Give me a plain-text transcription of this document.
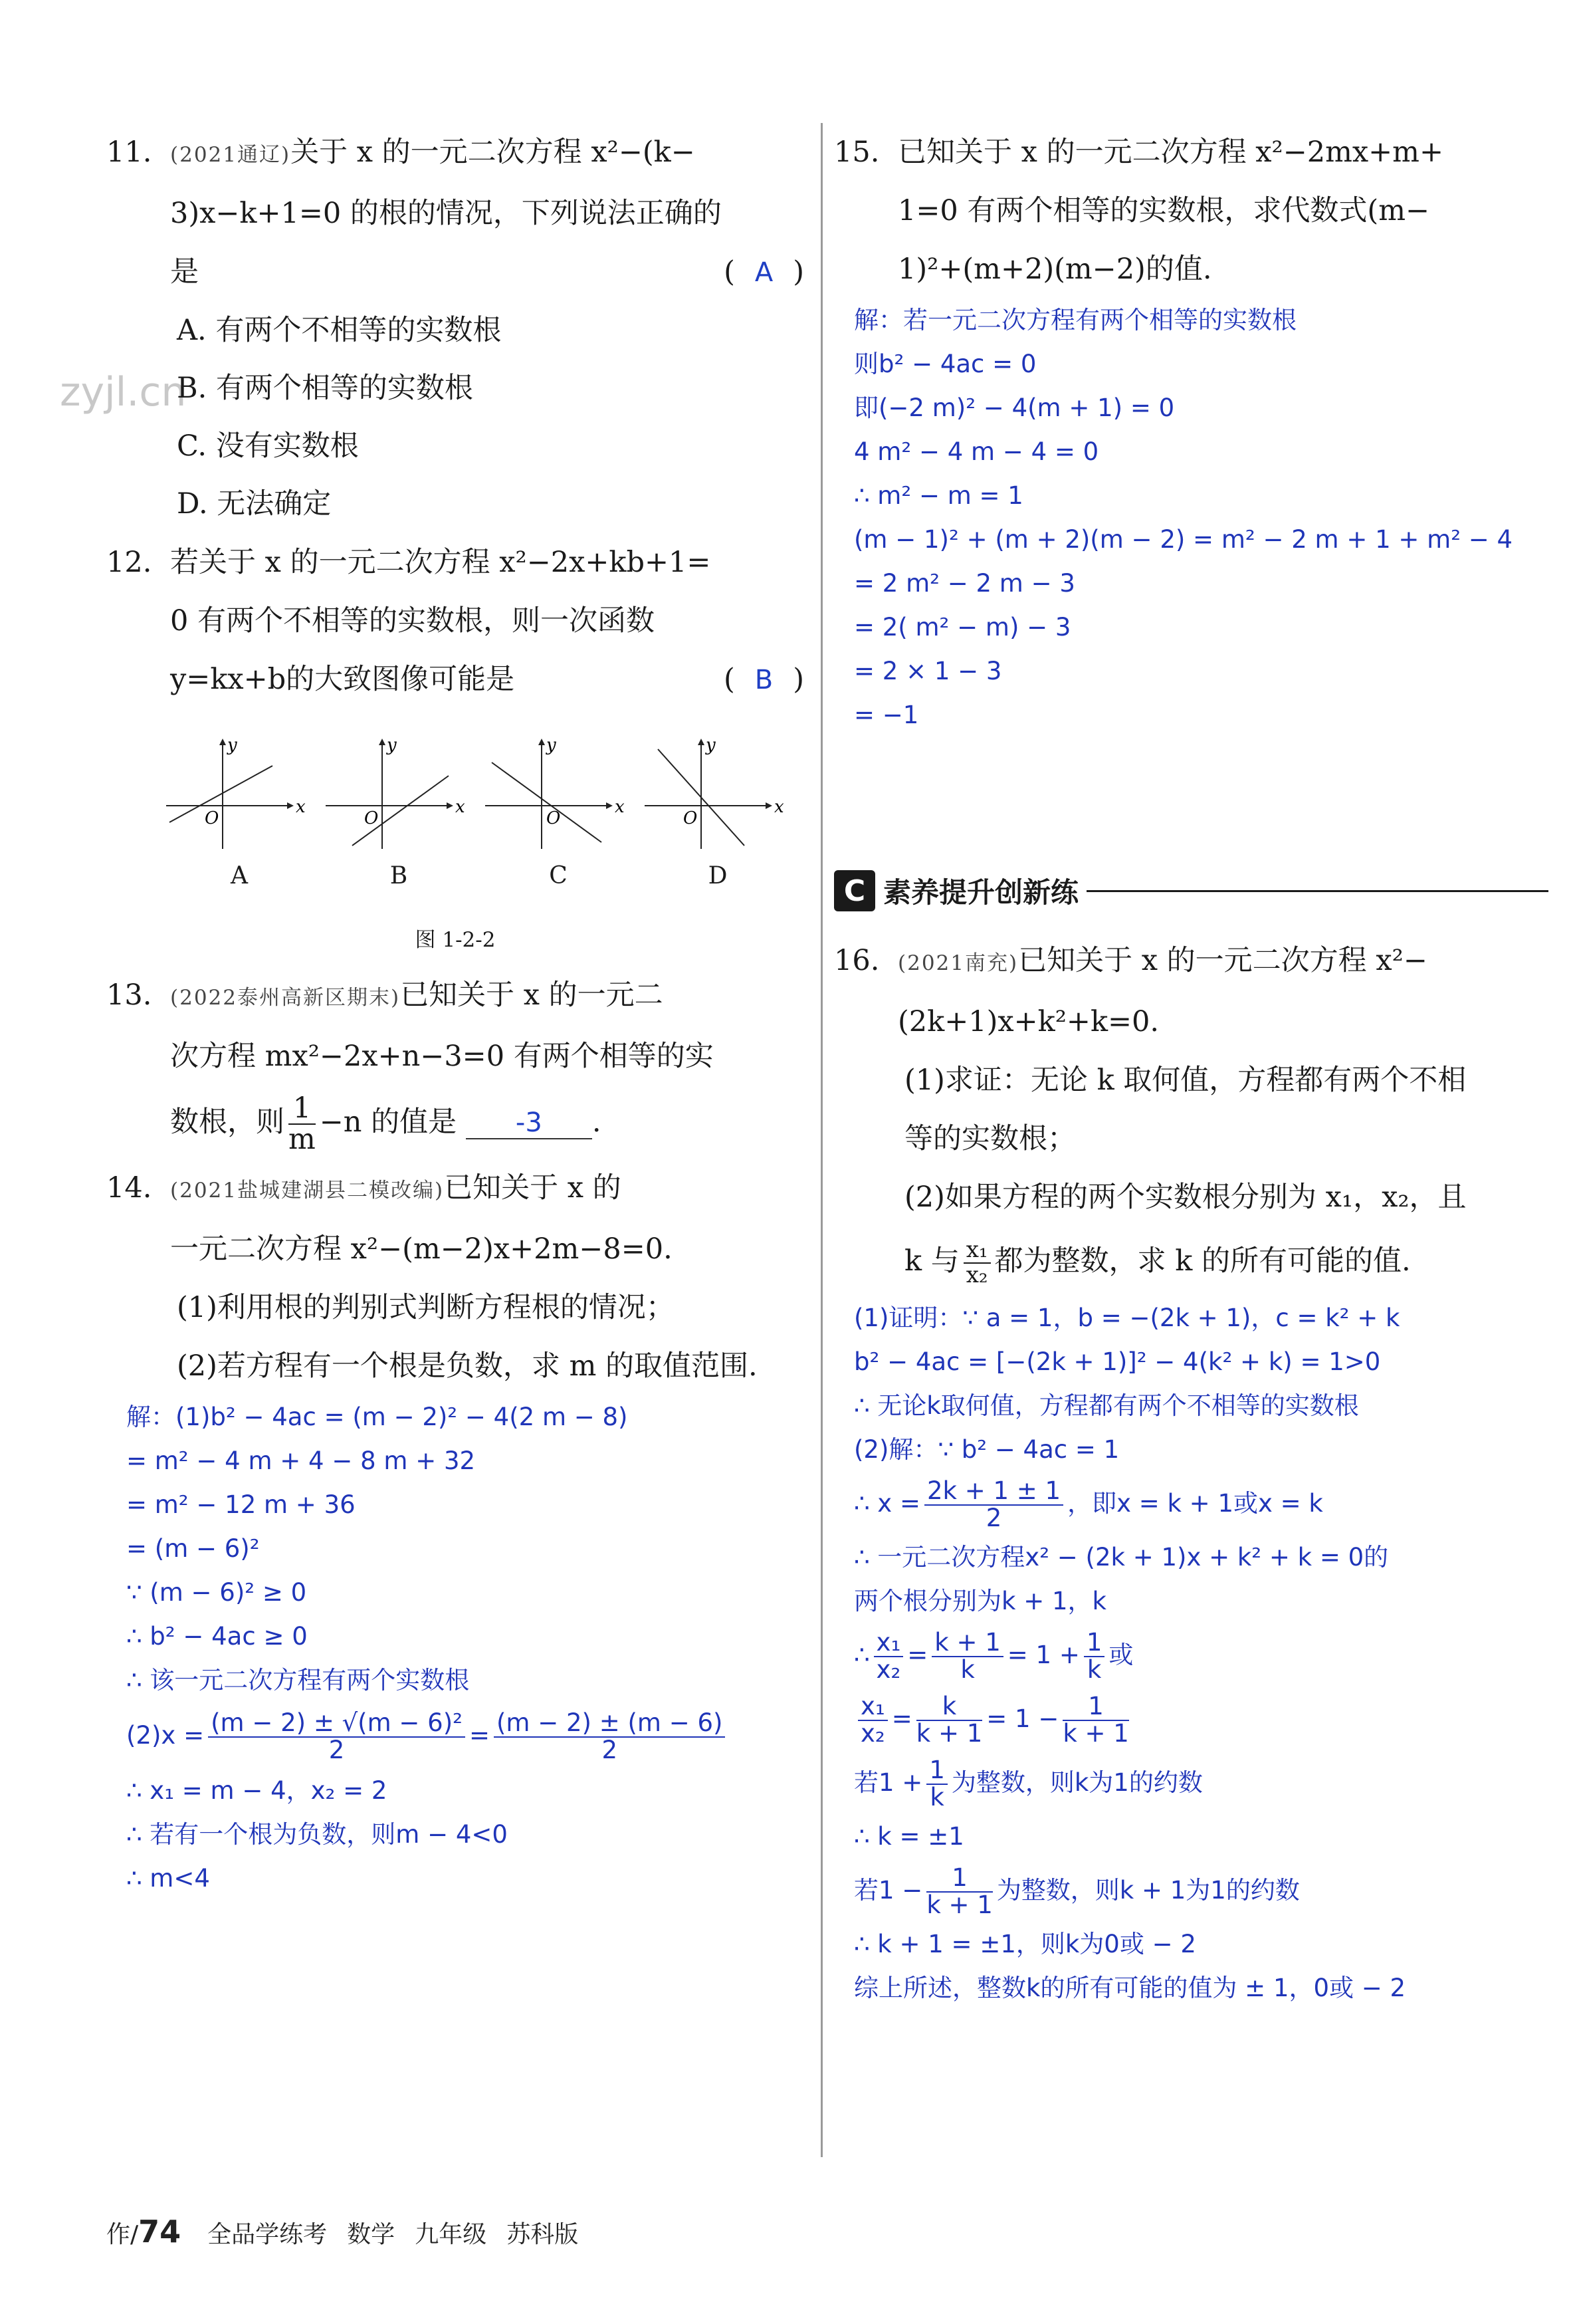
zyjl.cn
11. (2021通辽)关于 x 的一元二次方程 x²−(k−
3)x−k+1=0 的根的情况，下列说法正确的
是	( A )
A. 有两个不相等的实数根
B. 有两个相等的实数根
C. 没有实数根
D. 无法确定
12. 若关于 x 的一元二次方程 x²−2x+kb+1=
0 有两个不相等的实数根，则一次函数
y=kx+b的大致图像可能是	( B )
y
x
O
A
y
x
O
B
y
x
O
C
y
x
O
D
图 1-2-2
13. (2022泰州高新区期末)已知关于 x 的一元二
次方程 mx²−2x+n−3=0 有两个相等的实
数根，则 $\frac{1}{m} -n$ 的值是 -3 .
14. (2021盐城建湖县二模改编)已知关于 x 的
一元二次方程 x²−(m−2)x+2m−8=0.
(1)利用根的判别式判断方程根的情况；
(2)若方程有一个根是负数，求 m 的取值范围.
解：(1)b² − 4ac = (m − 2)² − 4(2 m − 8)
= m² − 4 m + 4 − 8 m + 32
= m² − 12 m + 36
= (m − 6)²
∵ (m − 6)² ≥ 0
∴ b² − 4ac ≥ 0
∴ 该一元二次方程有两个实数根
$(2)x = \frac{\text{(m − 2) ± √(m − 6)²}}{2} = \frac{(m - 2) \pm (m - 6)}{2}$
∴ x₁ = m − 4，x₂ = 2
∴ 若有一个根为负数，则m − 4<0
∴ m<4
15. 已知关于 x 的一元二次方程 x²−2mx+m+
1=0 有两个相等的实数根，求代数式(m−
1)²+(m+2)(m−2)的值.
解：若一元二次方程有两个相等的实数根
则b² − 4ac = 0
即(−2 m)² − 4(m + 1) = 0
4 m² − 4 m − 4 = 0
∴ m² − m = 1
(m − 1)² + (m + 2)(m − 2) = m² − 2 m + 1 + m² − 4
= 2 m² − 2 m − 3
= 2( m² − m) − 3
= 2 × 1 − 3
= −1
C 素养提升创新练
16. (2021南充)已知关于 x 的一元二次方程 x²−
(2k+1)x+k²+k=0.
(1)求证：无论 k 取何值，方程都有两个不相
等的实数根；
(2)如果方程的两个实数根分别为 x₁，x₂，且
k 与 $\frac{\text{x₁}}{\text{x₂}}$ 都为整数，求 k 的所有可能的值.
(1)证明：∵ a = 1，b = −(2k + 1)，c = k² + k
b² − 4ac = [−(2k + 1)]² − 4(k² + k) = 1>0
∴ 无论k取何值，方程都有两个不相等的实数根
(2)解：∵ b² − 4ac = 1
∴ $x = \frac{2k + 1 \pm 1}{2}$ ，即x = k + 1或x = k
∴ 一元二次方程x² − (2k + 1)x + k² + k = 0的
两个根分别为k + 1，k
∴ $\frac{\text{x₁}}{\text{x₂}} = \frac{k + 1}{k} = 1 + \frac{1}{k}$ 或
$\frac{\text{x₁}}{\text{x₂}} = \frac{k}{k + 1} = 1 - \frac{1}{k + 1}$
若$1 + \frac{1}{k}$ 为整数，则k为1的约数
∴ k = ±1
若$1 - \frac{1}{k + 1}$ 为整数，则k + 1为1的约数
∴ k + 1 = ±1，则k为0或 − 2
综上所述，整数k的所有可能的值为 ± 1，0或 − 2
作/ 74 全品学练考 数学 九年级 苏科版
